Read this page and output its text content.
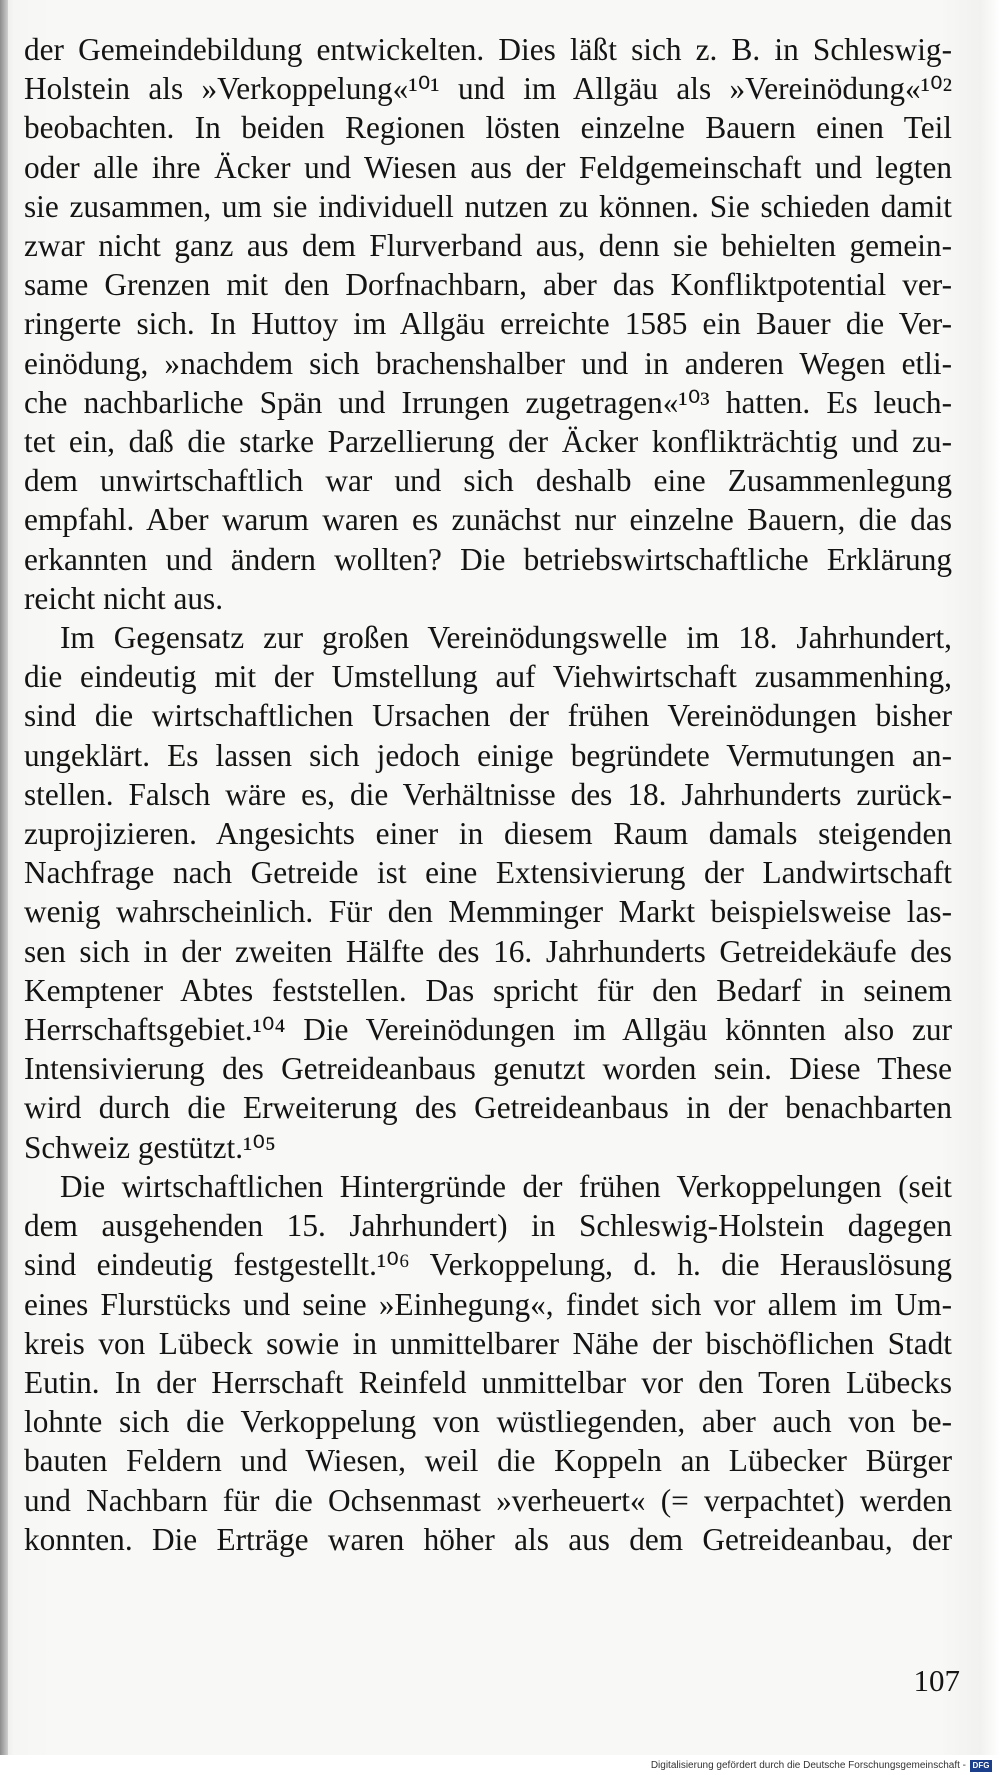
der Gemeindebildung entwickelten. Dies läßt sich z. B. in Schleswig-
Holstein als »Verkoppelung«¹⁰¹ und im Allgäu als »Vereinödung«¹⁰²
beobachten. In beiden Regionen lösten einzelne Bauern einen Teil
oder alle ihre Äcker und Wiesen aus der Feldgemeinschaft und legten
sie zusammen, um sie individuell nutzen zu können. Sie schieden damit
zwar nicht ganz aus dem Flurverband aus, denn sie behielten gemein-
same Grenzen mit den Dorfnachbarn, aber das Konfliktpotential ver-
ringerte sich. In Huttoy im Allgäu erreichte 1585 ein Bauer die Ver-
einödung, »nachdem sich brachenshalber und in anderen Wegen etli-
che nachbarliche Spän und Irrungen zugetragen«¹⁰³ hatten. Es leuch-
tet ein, daß die starke Parzellierung der Äcker konflikträchtig und zu-
dem unwirtschaftlich war und sich deshalb eine Zusammenlegung
empfahl. Aber warum waren es zunächst nur einzelne Bauern, die das
erkannten und ändern wollten? Die betriebswirtschaftliche Erklärung
reicht nicht aus.

Im Gegensatz zur großen Vereinödungswelle im 18. Jahrhundert,
die eindeutig mit der Umstellung auf Viehwirtschaft zusammenhing,
sind die wirtschaftlichen Ursachen der frühen Vereinödungen bisher
ungeklärt. Es lassen sich jedoch einige begründete Vermutungen an-
stellen. Falsch wäre es, die Verhältnisse des 18. Jahrhunderts zurück-
zuprojizieren. Angesichts einer in diesem Raum damals steigenden
Nachfrage nach Getreide ist eine Extensivierung der Landwirtschaft
wenig wahrscheinlich. Für den Memminger Markt beispielsweise las-
sen sich in der zweiten Hälfte des 16. Jahrhunderts Getreidekäufe des
Kemptener Abtes feststellen. Das spricht für den Bedarf in seinem
Herrschaftsgebiet.¹⁰⁴ Die Vereinödungen im Allgäu könnten also zur
Intensivierung des Getreideanbaus genutzt worden sein. Diese These
wird durch die Erweiterung des Getreideanbaus in der benachbarten
Schweiz gestützt.¹⁰⁵

Die wirtschaftlichen Hintergründe der frühen Verkoppelungen (seit
dem ausgehenden 15. Jahrhundert) in Schleswig-Holstein dagegen
sind eindeutig festgestellt.¹⁰⁶ Verkoppelung, d. h. die Herauslösung
eines Flurstücks und seine »Einhegung«, findet sich vor allem im Um-
kreis von Lübeck sowie in unmittelbarer Nähe der bischöflichen Stadt
Eutin. In der Herrschaft Reinfeld unmittelbar vor den Toren Lübecks
lohnte sich die Verkoppelung von wüstliegenden, aber auch von be-
bauten Feldern und Wiesen, weil die Koppeln an Lübecker Bürger
und Nachbarn für die Ochsenmast »verheuert« (= verpachtet) werden
konnten. Die Erträge waren höher als aus dem Getreideanbau, der

107
Digitalisierung gefördert durch die Deutsche Forschungsgemeinschaft - DFG
